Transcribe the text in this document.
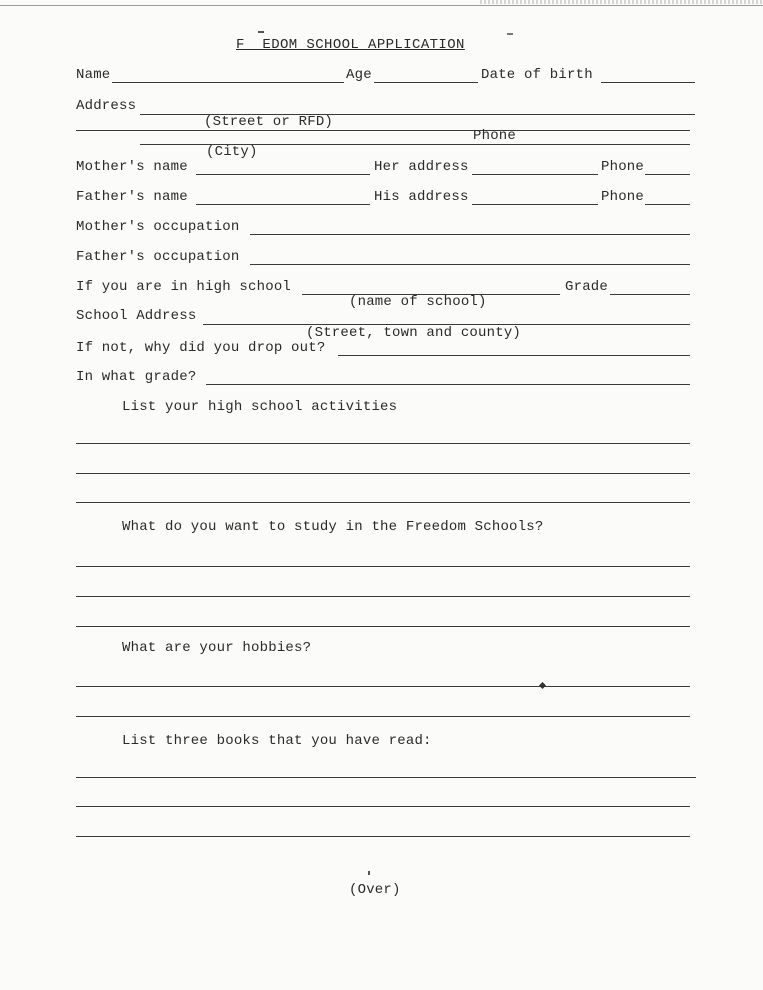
F  EDOM SCHOOL APPLICATION
Name	Age	Date of birth
Address
(Street or RFD)
Phone
(City)
Mother's name	Her address	Phone
Father's name	His address	Phone
Mother's occupation
Father's occupation
If you are in high school	Grade
(name of school)
School Address
(Street, town and county)
If not, why did you drop out?
In what grade?
List your high school activities
What do you want to study in the Freedom Schools?
What are your hobbies?
List three books that you have read:
(Over)
